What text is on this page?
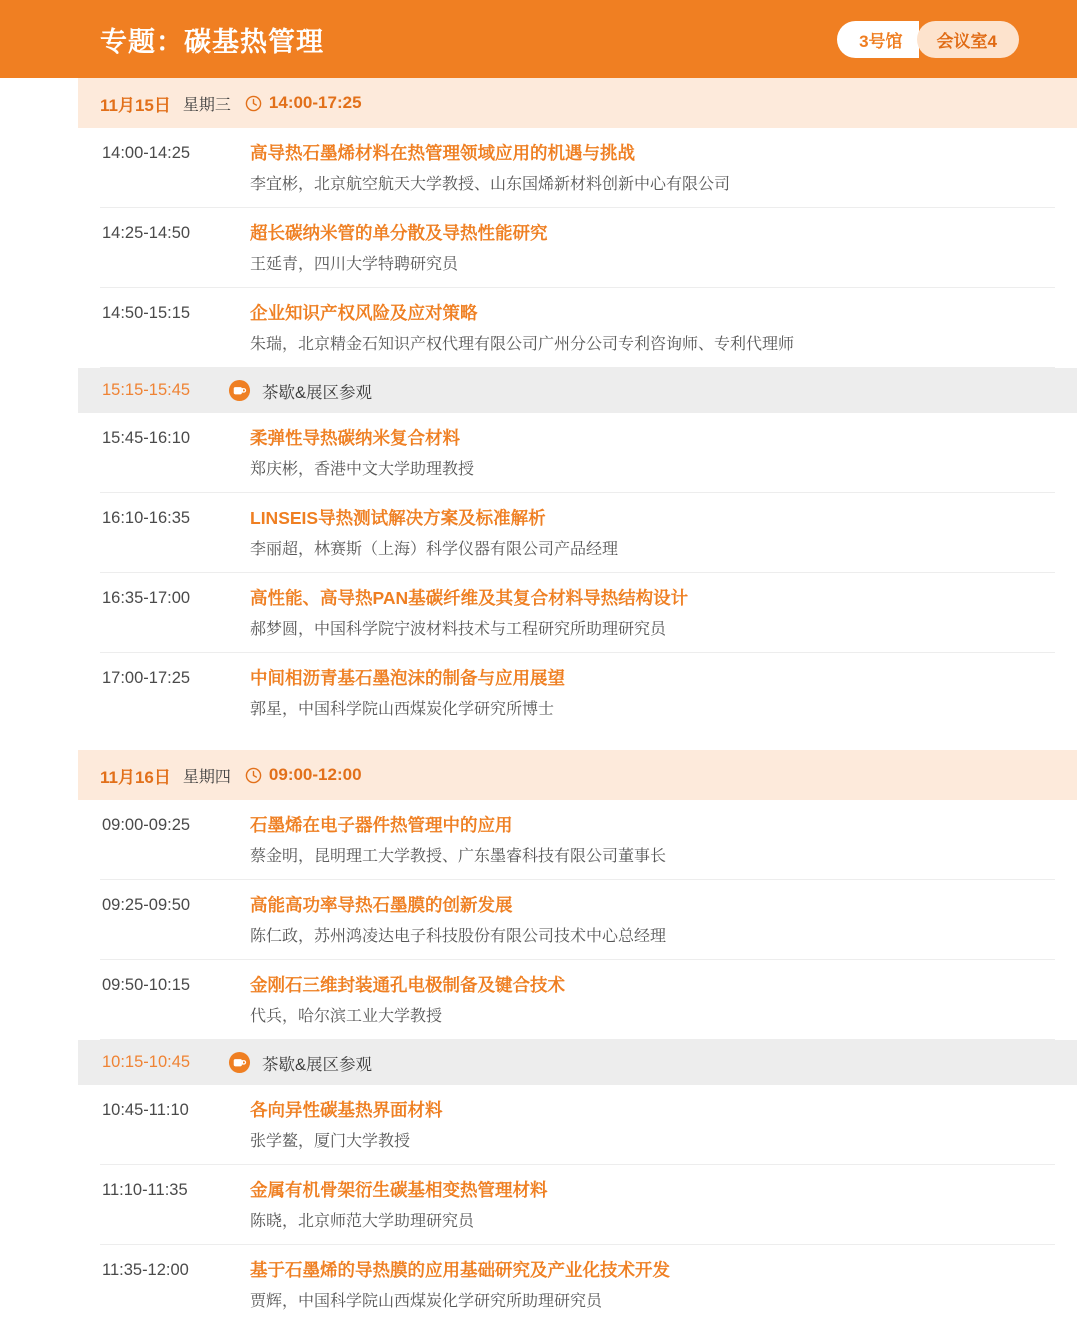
专题：碳基热管理	3号馆	会议室4
11月15日 星期三 14:00-17:25
14:00-14:25	高导热石墨烯材料在热管理领域应用的机遇与挑战
李宜彬，北京航空航天大学教授、山东国烯新材料创新中心有限公司
14:25-14:50	超长碳纳米管的单分散及导热性能研究
王延青，四川大学特聘研究员
14:50-15:15	企业知识产权风险及应对策略
朱瑞，北京精金石知识产权代理有限公司广州分公司专利咨询师、专利代理师
15:15-15:45	茶歇&展区参观
15:45-16:10	柔弹性导热碳纳米复合材料
郑庆彬，香港中文大学助理教授
16:10-16:35	LINSEIS导热测试解决方案及标准解析
李丽超，林赛斯（上海）科学仪器有限公司产品经理
16:35-17:00	高性能、高导热PAN基碳纤维及其复合材料导热结构设计
郝梦圆，中国科学院宁波材料技术与工程研究所助理研究员
17:00-17:25	中间相沥青基石墨泡沫的制备与应用展望
郭星，中国科学院山西煤炭化学研究所博士
11月16日 星期四 09:00-12:00
09:00-09:25	石墨烯在电子器件热管理中的应用
蔡金明，昆明理工大学教授、广东墨睿科技有限公司董事长
09:25-09:50	高能高功率导热石墨膜的创新发展
陈仁政，苏州鸿凌达电子科技股份有限公司技术中心总经理
09:50-10:15	金刚石三维封装通孔电极制备及键合技术
代兵，哈尔滨工业大学教授
10:15-10:45	茶歇&展区参观
10:45-11:10	各向异性碳基热界面材料
张学鳌，厦门大学教授
11:10-11:35	金属有机骨架衍生碳基相变热管理材料
陈晓，北京师范大学助理研究员
11:35-12:00	基于石墨烯的导热膜的应用基础研究及产业化技术开发
贾辉，中国科学院山西煤炭化学研究所助理研究员
